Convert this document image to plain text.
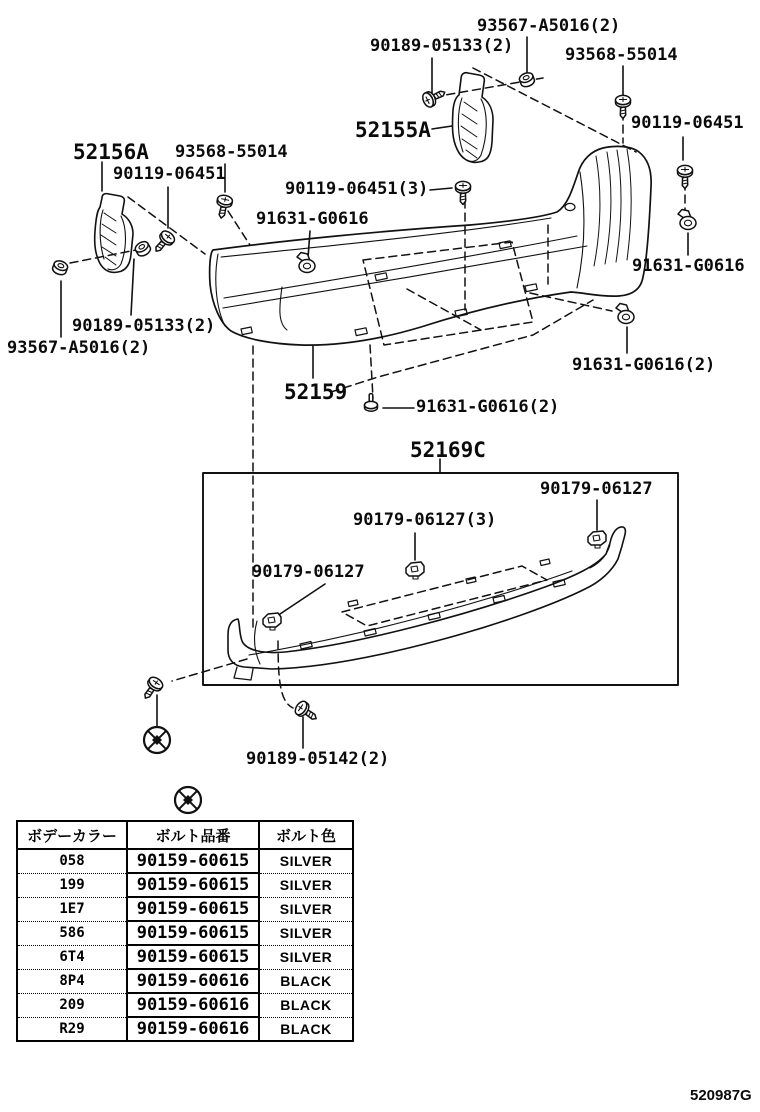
93567-A5016(2)
90189-05133(2)	93568-55014
52155A	90119-06451
52156A 93568-55014
90119-06451
90119-06451(3)
91631-G0616
91631-G0616
90189-05133(2)
93567-A5016(2)
52159
91631-G0616(2)
91631-G0616(2)
52169C
90179-06127
90179-06127(3)
90179-06127
90189-05142(2)
ボデーカラー	ボルト品番	ボルト色
058	90159-60615	SILVER
199	90159-60615	SILVER
1E7	90159-60615	SILVER
586	90159-60615	SILVER
6T4	90159-60615	SILVER
8P4	90159-60616	BLACK
209	90159-60616	BLACK
R29	90159-60616	BLACK
520987G
